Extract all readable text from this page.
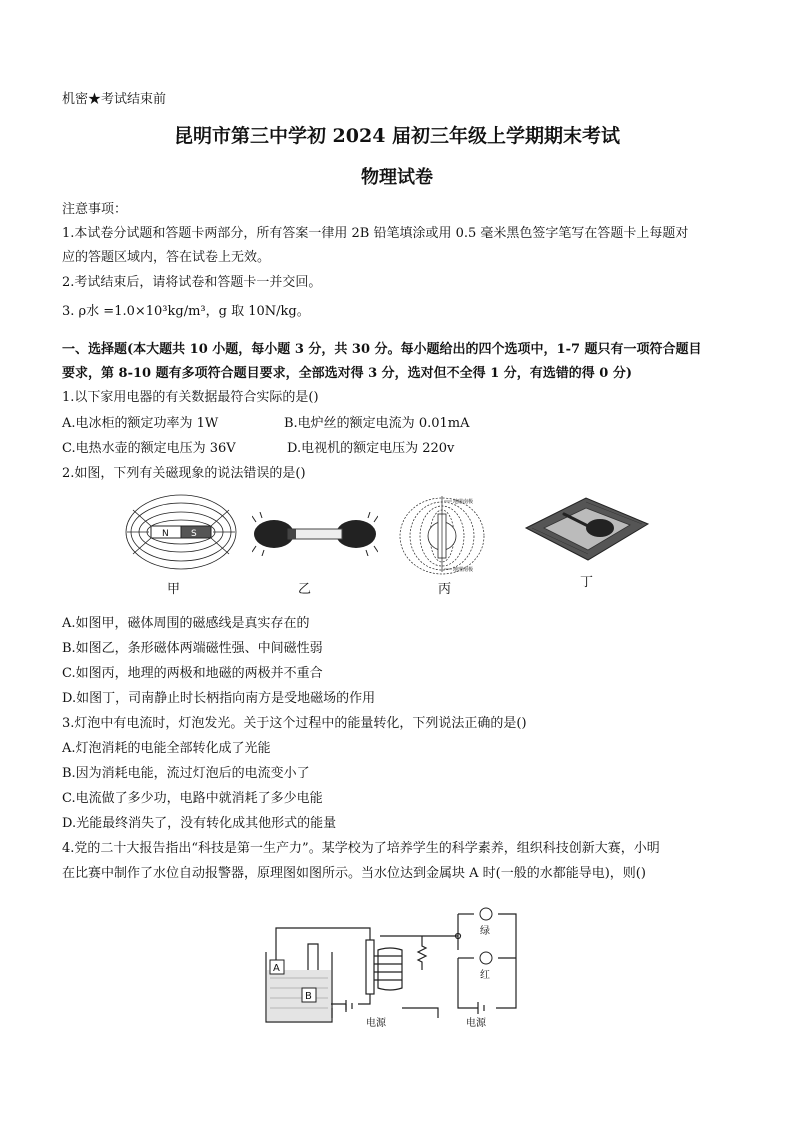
机密★考试结束前
昆明市第三中学初 2024 届初三年级上学期期末考试
物理试卷
注意事项：
1.本试卷分试题和答题卡两部分，所有答案一律用 2B 铅笔填涂或用 0.5 毫米黑色签字笔写在答题卡上每题对
应的答题区域内，答在试卷上无效。
2.考试结束后，请将试卷和答题卡一并交回。
3. ρ水 =1.0×10³kg/m³，g 取 10N/kg。
一、选择题(本大题共 10 小题，每小题 3 分，共 30 分。每小题给出的四个选项中，1-7 题只有一项符合题目
要求，第 8-10 题有多项符合题目要求，全部选对得 3 分，选对但不全得 1 分，有选错的得 0 分)
1.以下家用电器的有关数据最符合实际的是()
A.电冰柜的额定功率为 1W	B.电炉丝的额定电流为 0.01mA
C.电热水壶的额定电压为 36V	D.电视机的额定电压为 220v
2.如图，下列有关磁现象的说法错误的是()
N S
甲	乙
地磁南极
地理南极
丙	丁
A.如图甲，磁体周围的磁感线是真实存在的
B.如图乙，条形磁体两端磁性强、中间磁性弱
C.如图丙，地理的两极和地磁的两极并不重合
D.如图丁，司南静止时长柄指向南方是受地磁场的作用
3.灯泡中有电流时，灯泡发光。关于这个过程中的能量转化，下列说法正确的是()
A.灯泡消耗的电能全部转化成了光能
B.因为消耗电能，流过灯泡后的电流变小了
C.电流做了多少功，电路中就消耗了多少电能
D.光能最终消失了，没有转化成其他形式的能量
4.党的二十大报告指出“科技是第一生产力”。某学校为了培养学生的科学素养，组织科技创新大赛，小明
在比赛中制作了水位自动报警器，原理图如图所示。当水位达到金属块 A 时(一般的水都能导电)，则()
A
B
绿
红
电源	电源
